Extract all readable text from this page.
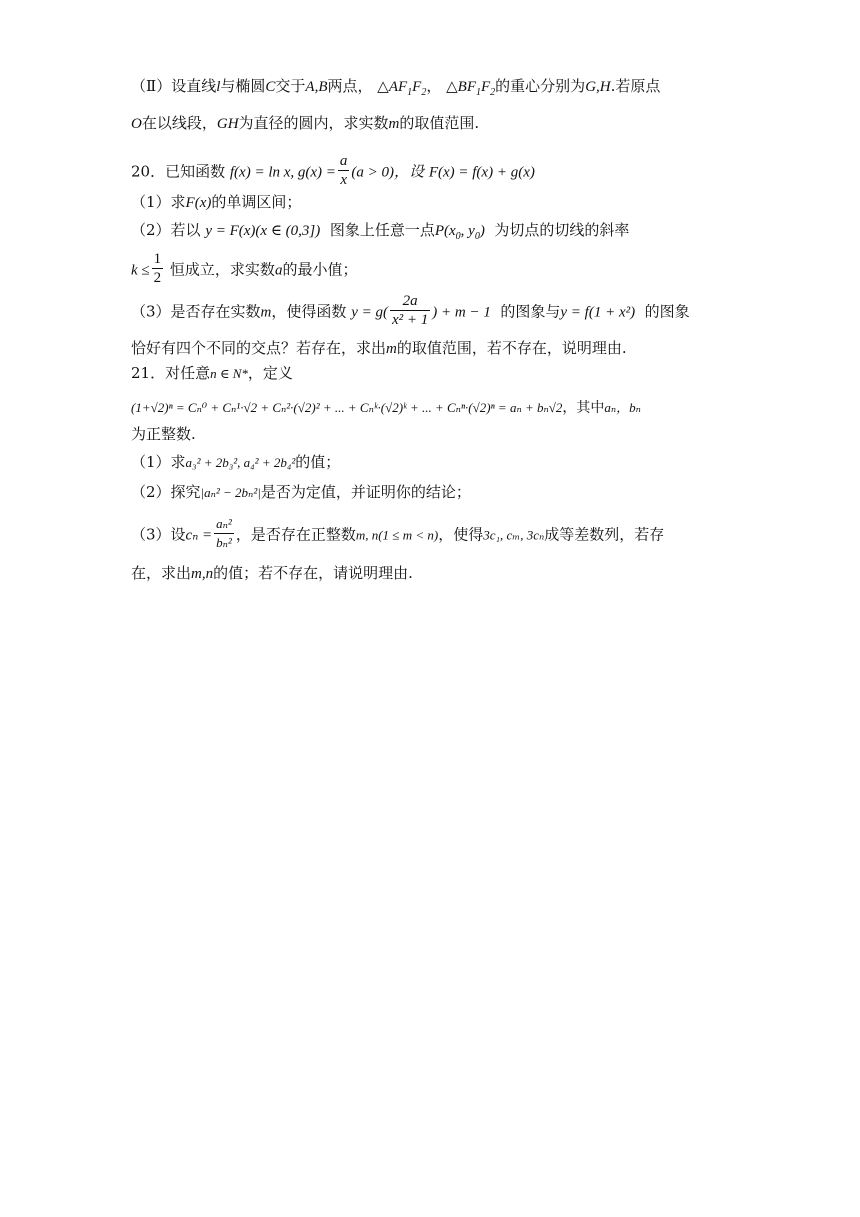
（Ⅱ）设直线l与椭圆C交于A,B两点， $\triangle AF_1F_2$， $\triangle BF_1F_2$的重心分别为G,H.若原点
O在以线段，GH为直径的圆内，求实数m的取值范围.
20．已知函数 f(x) = ln x, $g(x) = \frac{a}{x} (a > 0)$，设 F(x) = f(x) + g(x)
（1）求F(x)的单调区间；
（2）若以 y = F(x)(x ∈ (0,3]) 图象上任意一点$P(x_0$, $y_0$) 为切点的切线的斜率
$k \le \frac{1}{2}$ 恒成立，求实数a的最小值；
（3）是否存在实数m，使得函数 $y = g( \frac{2a}{\text{x² + 1}}$ ) + m − 1 的图象与y = f(1 + x²) 的图象
恰好有四个不同的交点？若存在，求出m的取值范围，若不存在，说明理由.
21．对任意n ∈ N*，定义
(1+√2)ⁿ = Cₙ⁰ + Cₙ¹·√2 + Cₙ²·(√2)² + ... + Cₙᵏ·(√2)ᵏ + ... + Cₙⁿ·(√2)ⁿ = aₙ + bₙ√2，其中aₙ，bₙ
为正整数.
（1）求a₃² + 2b₃², a₄² + 2b₄²的值；
（2）探究|aₙ² − 2bₙ²|是否为定值，并证明你的结论；
（3）设$c_n = \frac{\text{aₙ²}}{\text{bₙ²}}$ ，是否存在正整数m, n(1 ≤ m < n)，使得3c₁, cₘ, 3cₙ成等差数列，若存
在，求出m,n的值；若不存在，请说明理由.
